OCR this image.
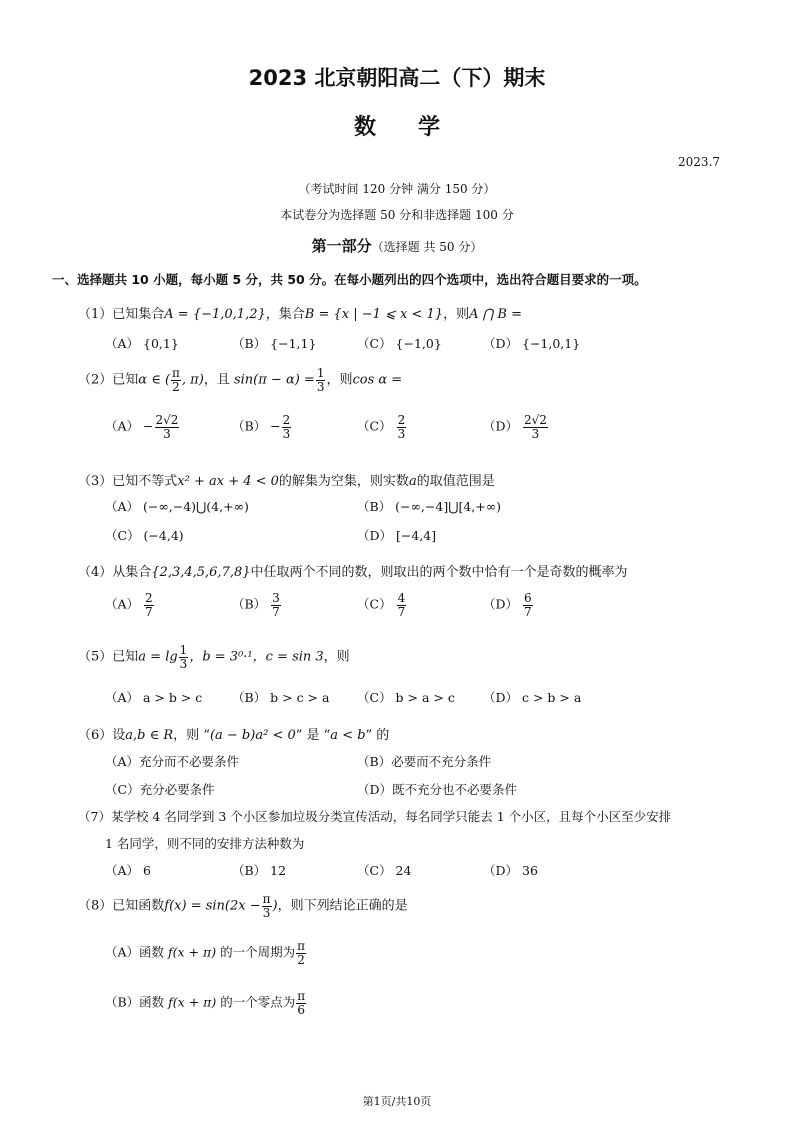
2023 北京朝阳高二（下）期末
数学
2023.7
（考试时间 120 分钟 满分 150 分）
本试卷分为选择题 50 分和非选择题 100 分
第一部分（选择题 共 50 分）
一、选择题共 10 小题，每小题 5 分，共 50 分。在每小题列出的四个选项中，选出符合题目要求的一项。
（1）已知集合A = {−1,0,1,2}，集合B = {x | −1 ⩽ x < 1}，则A ⋂ B =
（A） {0,1}	（B） {−1,1}	（C） {−1,0}	（D） {−1,0,1}
（2）已知α ∈ ( $\frac{\pi}{2}$ , π)，且 $\sin(\pi - \alpha) = \frac{1}{3}$ ，则cos α =
$(A) - \frac{2√2}{3}$	$(B) - \frac{2}{3}$	$(C) \frac{2}{3}$	$(D) \frac{2√2}{3}$
（3）已知不等式x² + ax + 4 < 0的解集为空集，则实数a的取值范围是
（A） (−∞,−4)⋃(4,+∞)	（B） (−∞,−4]⋃[4,+∞)
（C） (−4,4)	（D） [−4,4]
（4）从集合{2,3,4,5,6,7,8}中任取两个不同的数，则取出的两个数中恰有一个是奇数的概率为
$(A) \frac{2}{7}$	$(B) \frac{3}{7}$	$(C) \frac{4}{7}$	$(D) \frac{6}{7}$
（5）已知$a = \lg \frac{1}{3}$ ，b = 3⁰·¹，c = sin 3，则
（A） a > b > c （B） b > c > a （C） b > a > c （D） c > b > a
（6）设a,b ∈ R，则 “(a − b)a² < 0” 是 “a < b” 的
（A）充分而不必要条件	（B）必要而不充分条件
（C）充分必要条件	（D）既不充分也不必要条件
（7）某学校 4 名同学到 3 个小区参加垃圾分类宣传活动，每名同学只能去 1 个小区，且每个小区至少安排
1 名同学，则不同的安排方法种数为
（A） 6	（B） 12	（C） 24	（D） 36
（8）已知函数$f(x) = \sin(2x - \frac{\pi}{3}$ )，则下列结论正确的是
（A）函数 f(x + π) 的一个周期为 $\frac{\pi}{2}$
（B）函数 f(x + π) 的一个零点为 $\frac{\pi}{6}$
第1页/共10页
